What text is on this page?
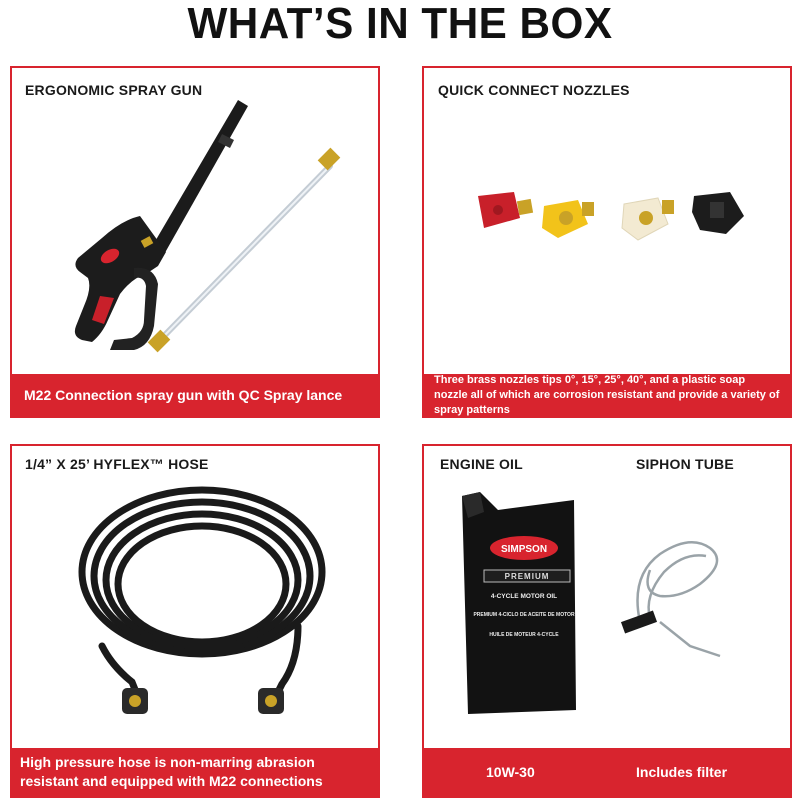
WHAT’S IN THE BOX
ERGONOMIC SPRAY GUN
M22 Connection spray gun with QC Spray lance
QUICK CONNECT NOZZLES
Three brass nozzles tips 0°, 15°, 25°, 40°, and a plastic soap nozzle all of which are corrosion resistant and provide a variety of spray patterns
1/4” X 25’ HYFLEX™ HOSE
High pressure hose is non-marring abrasion resistant and equipped with M22 connections
ENGINE OIL	SIPHON TUBE
SIMPSON
PREMIUM
4-CYCLE MOTOR OIL
PREMIUM 4-CICLO DE ACEITE DE MOTOR
HUILE DE MOTEUR 4-CYCLE
10W-30	Includes filter
